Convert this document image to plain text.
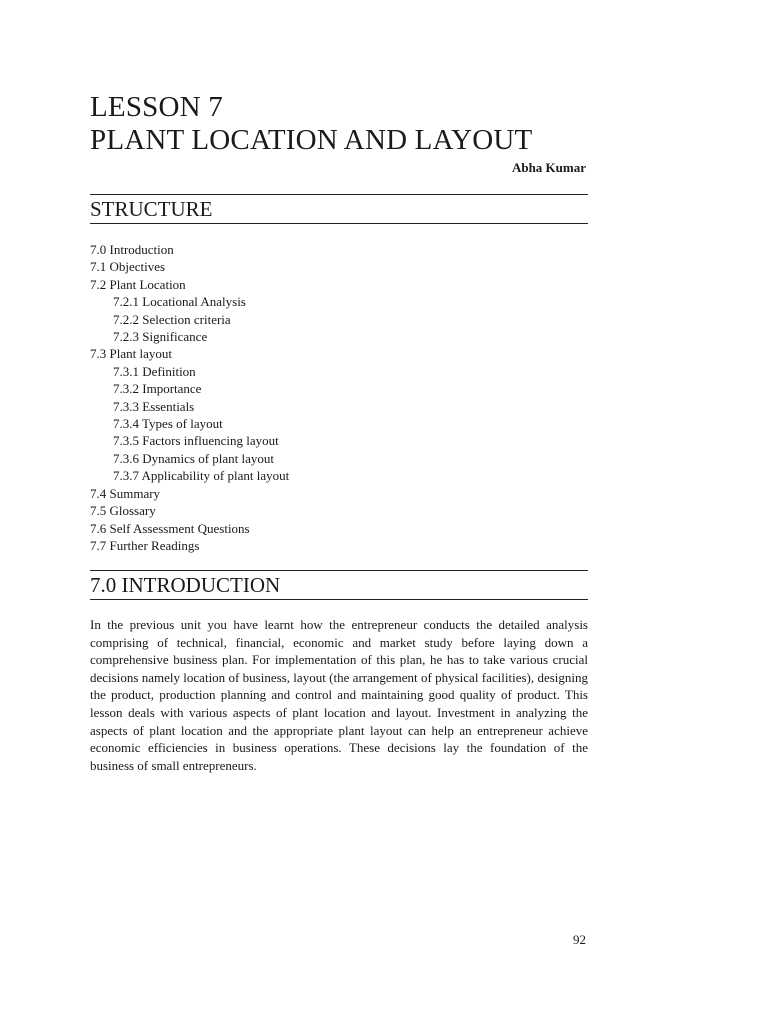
LESSON 7
PLANT LOCATION AND LAYOUT
Abha Kumar
STRUCTURE
7.0 Introduction
7.1 Objectives
7.2 Plant Location
7.2.1 Locational Analysis
7.2.2 Selection criteria
7.2.3 Significance
7.3 Plant layout
7.3.1 Definition
7.3.2 Importance
7.3.3 Essentials
7.3.4 Types of layout
7.3.5 Factors influencing layout
7.3.6 Dynamics of plant layout
7.3.7 Applicability of plant layout
7.4 Summary
7.5 Glossary
7.6 Self Assessment Questions
7.7 Further Readings
7.0 INTRODUCTION

In the previous unit you have learnt how the entrepreneur conducts the detailed analysis comprising of technical, financial, economic and market study before laying down a comprehensive business plan. For implementation of this plan, he has to take various crucial decisions namely location of business, layout (the arrangement of physical facilities), designing the product, production planning and control and maintaining good quality of product. This lesson deals with various aspects of plant location and layout. Investment in analyzing the aspects of plant location and the appropriate plant layout can help an entrepreneur achieve economic efficiencies in business operations. These decisions lay the foundation of the business of small entrepreneurs.

92
